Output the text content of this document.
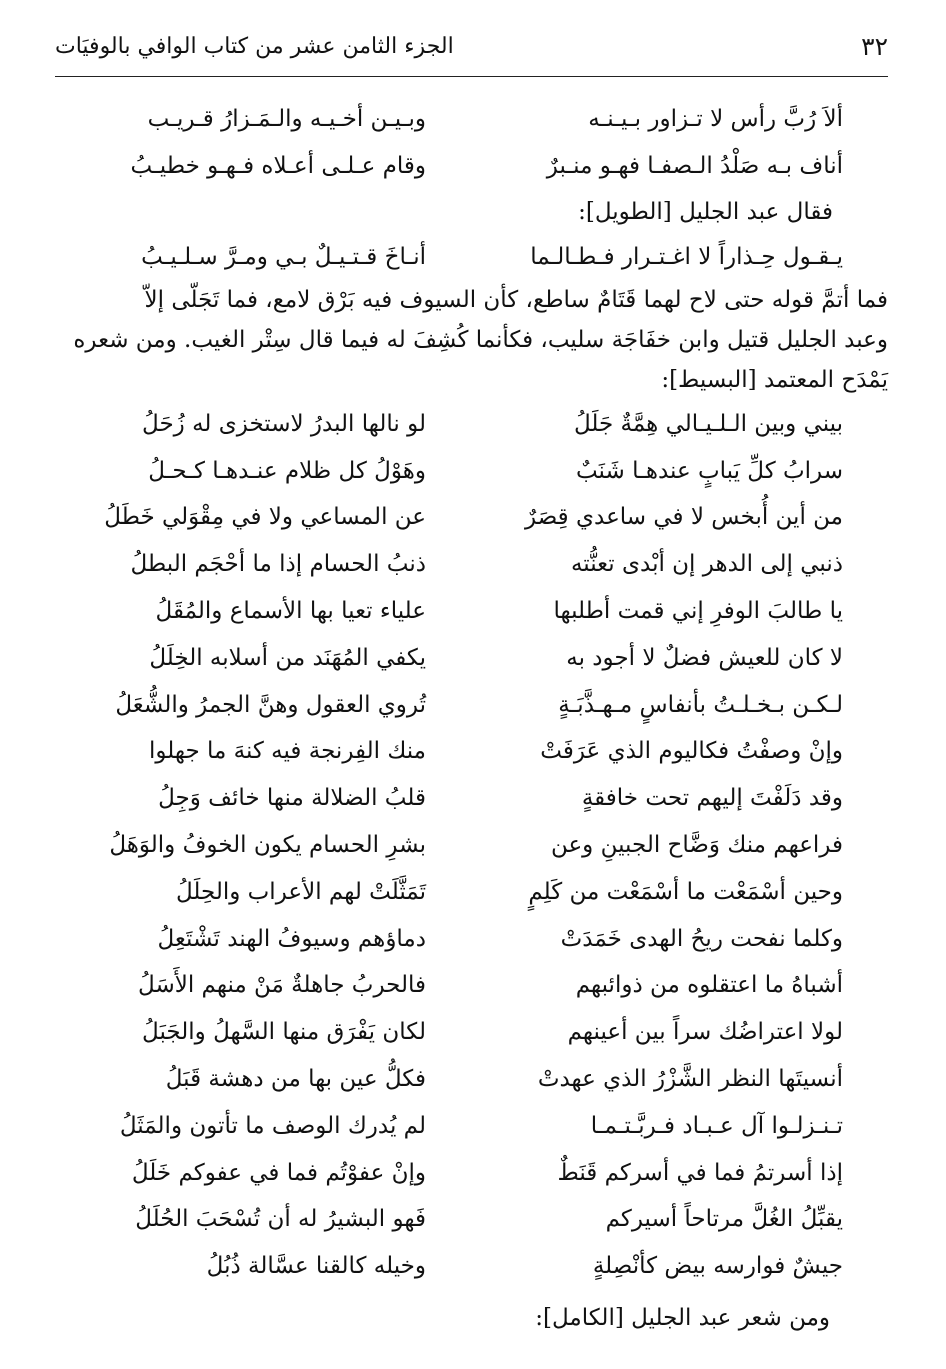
٣٢
الجزء الثامن عشر من كتاب الوافي بالوفيَات
ألاَ رُبَّ رأس لا تـزاور بـيـنـه
وبـيـن أخـيـه والـمَـزارُ قـريـب
أناف بـه صَلْدُ الـصفـا فهـو منـبرٌ
وقام عـلـى أعـلاه فـهـو خطيـبُ
فقال عبد الجليل [الطويل]:
يـقـول حِـذاراً لا اغـتـرار فـطـالـما
أنـاخَ قـتـيـلٌ بـي ومـرَّ سـلـيـبُ
فما أتمَّ قوله حتى لاح لهما قَتَامٌ ساطع، كأن السيوف فيه بَرْق لامع، فما تَجَلّى إلاّ
وعبد الجليل قتيل وابن خفَاجَة سليب، فكأنما كُشِفَ له فيما قال سِتْر الغيب. ومن شعره
يَمْدَح المعتمد [البسيط]:
بيني وبين الـلـيـالي هِمَّةٌ جَلَلُ
لو نالها البدرُ لاستخزى له زُحَلُ
سرابُ كلِّ يَبابٍ عندهـا شَنَبٌ
وهَوْلُ كل ظلام عنـدهـا كـحـلُ
من أين أُبخس لا في ساعدي قِصَرٌ
عن المساعي ولا في مِقْوَلي خَطَلُ
ذنبي إلى الدهر إن أبْدى تعنُّته
ذنبُ الحسام إذا ما أحْجَم البطلُ
يا طالبَ الوفرِ إني قمت أطلبها
علياء تعيا بها الأسماع والمُقَلُ
لا كان للعيش فضلٌ لا أجود به
يكفي المُهَنَد من أسلابه الخِلَلُ
لـكـن بـخـلـتُ بأنفاسٍ مـهـذَّبَـةٍ
تُروي العقول وهنَّ الجمرُ والشُّعَلُ
وإنْ وصفْتُ فكاليوم الذي عَرَفَتْ
منك الفِرنجة فيه كنهَ ما جهلوا
وقد دَلَفْتَ إليهم تحت خافقةٍ
قلبُ الضلالة منها خائف وَجِلُ
فراعهم منك وَضَّاح الجبينِ وعن
بشرِ الحسام يكون الخوفُ والوَهَلُ
وحين أسْمَعْت ما أسْمَعْت من كَلِمٍ
تَمَثَّلَتْ لهم الأعراب والحِلَلُ
وكلما نفحت ريحُ الهدى خَمَدَتْ
دماؤهم وسيوفُ الهند تَشْتَعِلُ
أشباهُ ما اعتقلوه من ذوائبهم
فالحربُ جاهلةٌ مَنْ منهم الأَسَلُ
لولا اعتراضُك سراً بين أعينهم
لكان يَفْرَق منها السَّهلُ والجَبَلُ
أنسيتَها النظر الشَّزْرُ الذي عهدتْ
فكلُّ عين بها من دهشة قَبَلُ
تـنـزلـوا آل عـبـاد فـربَّـتـمـا
لم يُدرك الوصف ما تأتون والمَثَلُ
إذا أسرتمُ فما في أسركم قَنَطٌ
وإنْ عفوْتُم فما في عفوكم خَلَلُ
يقبِّلُ الغُلَّ مرتاحاً أسيركم
فَهو البشيرُ له أن تُسْحَبَ الحُلَلُ
جيشٌ فوارسه بيض كأنْصِلةٍ
وخيله كالقنا عسَّالة ذُبُلُ
ومن شعر عبد الجليل [الكامل]:
